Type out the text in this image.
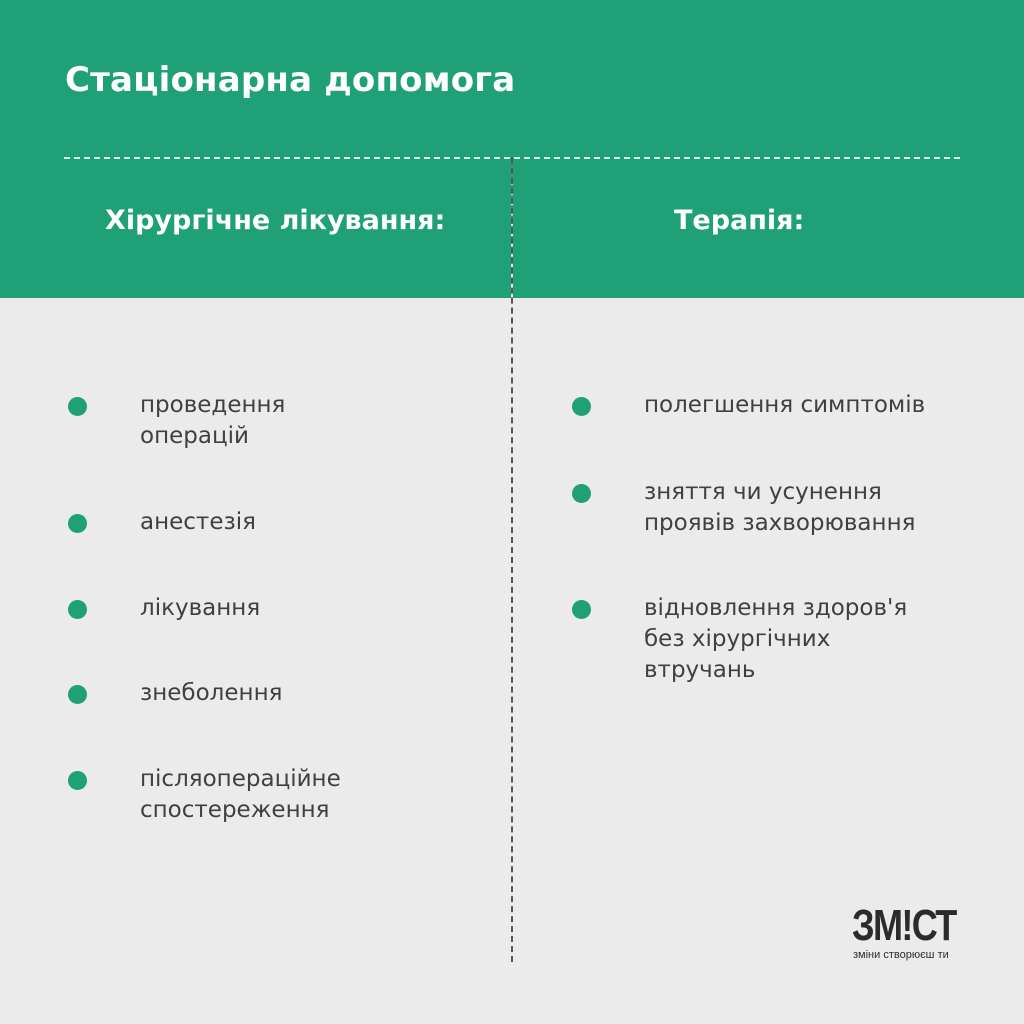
Стаціонарна допомога
Хірургічне лікування:	Терапія:
проведення
операцій
анестезія
лікування
знеболення
післяопераційне
спостереження
полегшення симптомів
зняття чи усунення
проявів захворювання
відновлення здоров'я
без хірургічних
втручань
ЗМ!СТ
зміни створюєш ти
